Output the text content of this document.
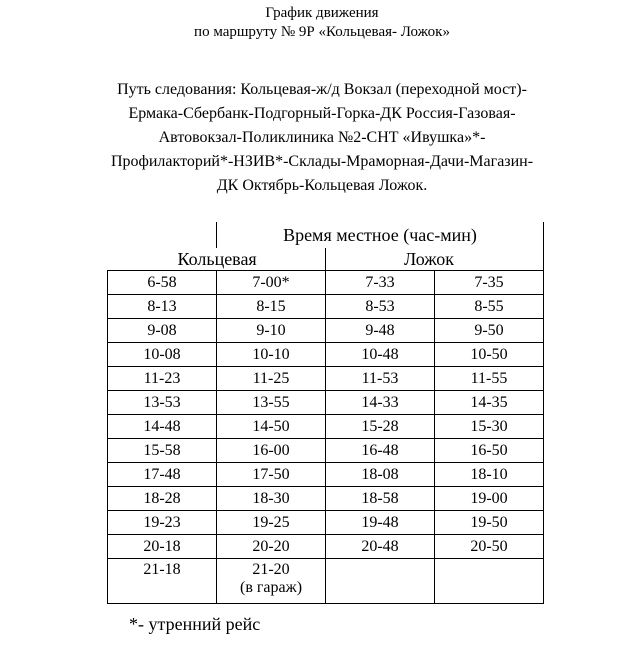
График движения
по маршруту № 9Р «Кольцевая- Ложок»
Путь следования: Кольцевая-ж/д Вокзал (переходной мост)-
Ермака-Сбербанк-Подгорный-Горка-ДК Россия-Газовая-
Автовокзал-Поликлиника №2-СНТ «Ивушка»*-
Профилакторий*-НЗИВ*-Склады-Мраморная-Дачи-Магазин-
ДК Октябрь-Кольцевая Ложок.
	Время местное (час-мин)		
Кольцевая		Ложок	
6-58	7-00*	7-33	7-35
8-13	8-15	8-53	8-55
9-08	9-10	9-48	9-50
10-08	10-10	10-48	10-50
11-23	11-25	11-53	11-55
13-53	13-55	14-33	14-35
14-48	14-50	15-28	15-30
15-58	16-00	16-48	16-50
17-48	17-50	18-08	18-10
18-28	18-30	18-58	19-00
19-23	19-25	19-48	19-50
20-18	20-20	20-48	20-50
21-18	21-20
(в гараж)		

*- утренний рейс
